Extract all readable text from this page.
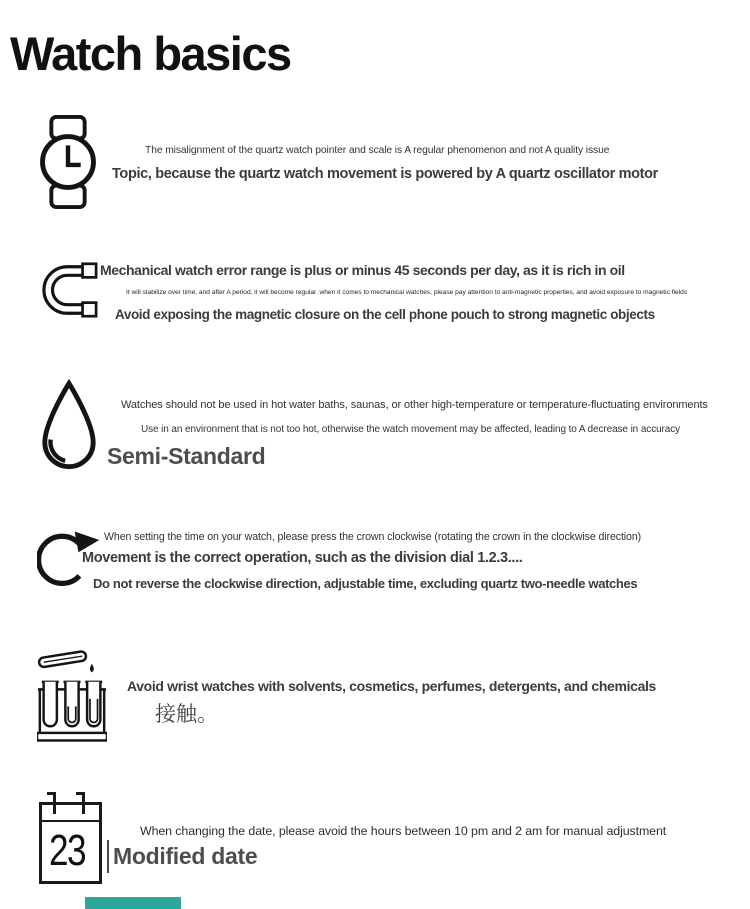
Watch basics
The misalignment of the quartz watch pointer and scale is A regular phenomenon and not A quality issue
Topic, because the quartz watch movement is powered by A quartz oscillator motor
Mechanical watch error range is plus or minus 45 seconds per day, as it is rich in oil
It will stabilize over time, and after A period, it will become regular. when it comes to mechanical watches, please pay attention to anti-magnetic properties, and avoid exposure to magnetic fields
Avoid exposing the magnetic closure on the cell phone pouch to strong magnetic objects
Watches should not be used in hot water baths, saunas, or other high-temperature or temperature-fluctuating environments
Use in an environment that is not too hot, otherwise the watch movement may be affected, leading to A decrease in accuracy
Semi-Standard
When setting the time on your watch, please press the crown clockwise (rotating the crown in the clockwise direction)
Movement is the correct operation, such as the division dial 1.2.3....
Do not reverse the clockwise direction, adjustable time, excluding quartz two-needle watches
Avoid wrist watches with solvents, cosmetics, perfumes, detergents, and chemicals
接触。
23	When changing the date, please avoid the hours between 10 pm and 2 am for manual adjustment
Modified date
